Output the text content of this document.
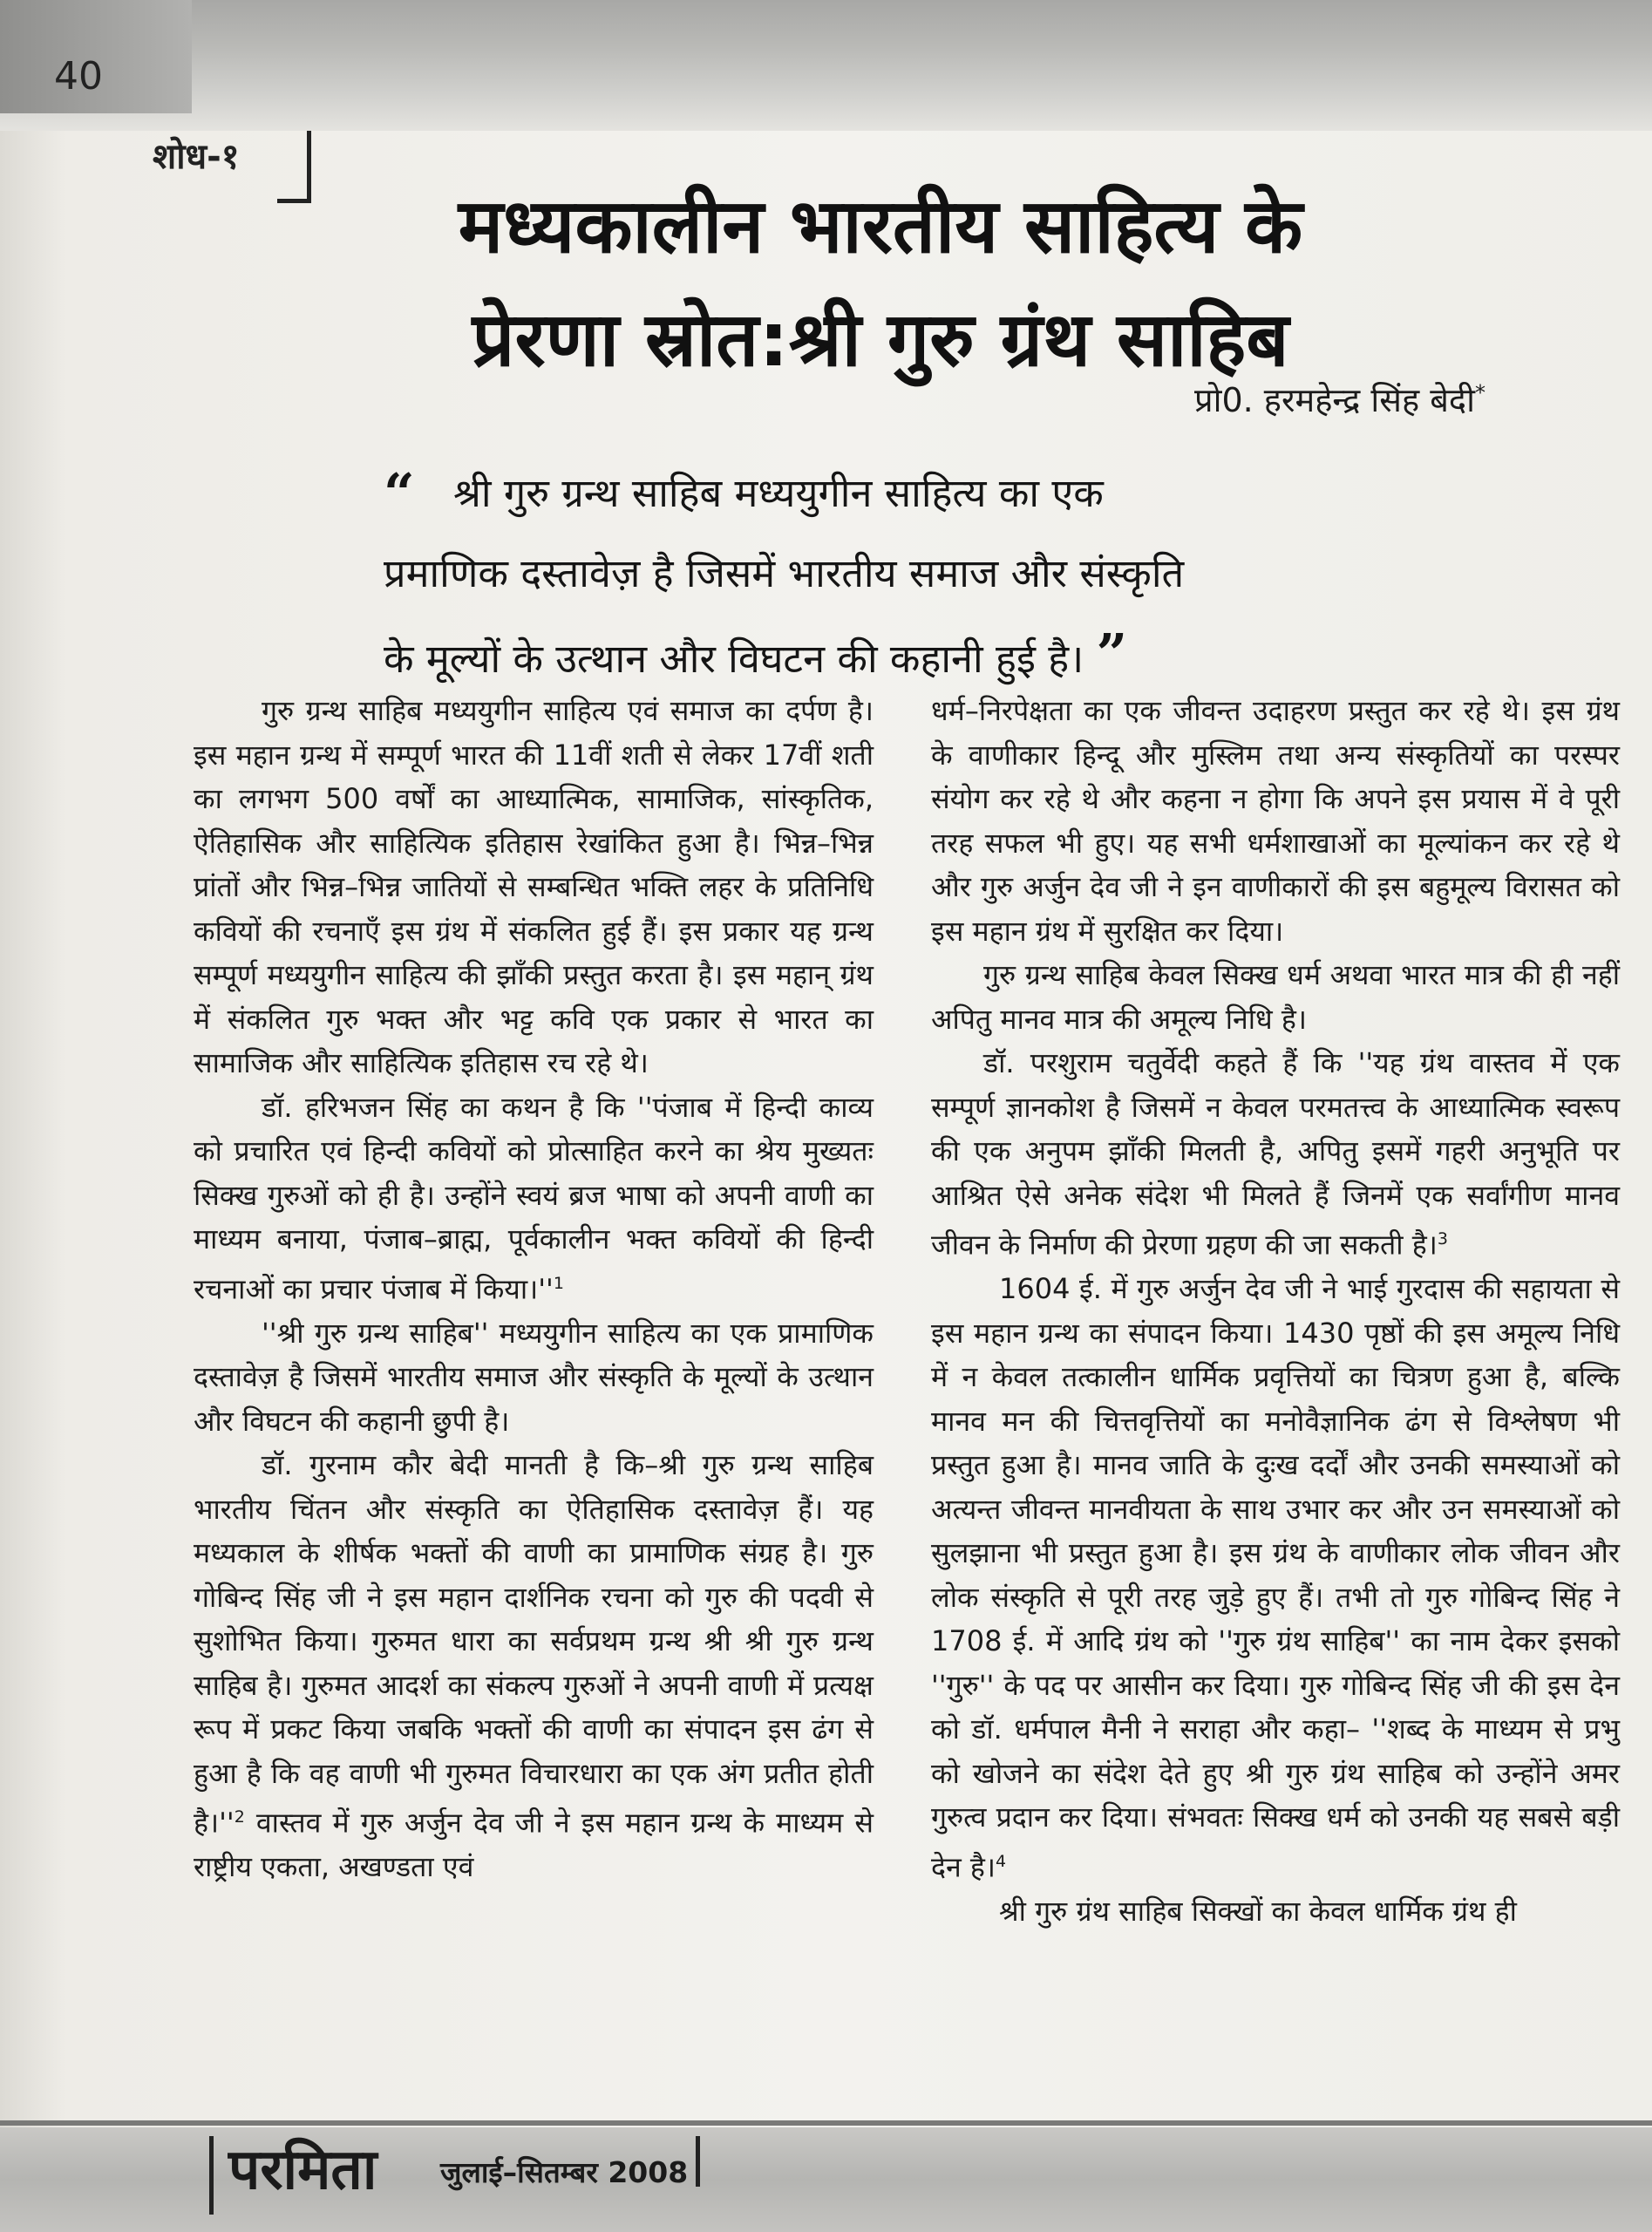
40
शोध-१
मध्यकालीन भारतीय साहित्य के
प्रेरणा स्रोत:श्री गुरु ग्रंथ साहिब
प्रो0. हरमहेन्द्र सिंह बेदी*
“ श्री गुरु ग्रन्थ साहिब मध्ययुगीन साहित्य का एक
प्रमाणिक दस्तावेज़ है जिसमें भारतीय समाज और संस्कृति
के मूल्यों के उत्थान और विघटन की कहानी हुई है। ”

गुरु ग्रन्थ साहिब मध्ययुगीन साहित्य एवं समाज का दर्पण है। इस महान ग्रन्थ में सम्पूर्ण भारत की 11वीं शती से लेकर 17वीं शती का लगभग 500 वर्षों का आध्यात्मिक, सामाजिक, सांस्कृतिक, ऐतिहासिक और साहित्यिक इतिहास रेखांकित हुआ है। भिन्न–भिन्न प्रांतों और भिन्न–भिन्न जातियों से सम्बन्धित भक्ति लहर के प्रतिनिधि कवियों की रचनाएँ इस ग्रंथ में संकलित हुई हैं। इस प्रकार यह ग्रन्थ सम्पूर्ण मध्ययुगीन साहित्य की झाँकी प्रस्तुत करता है। इस महान् ग्रंथ में संकलित गुरु भक्त और भट्ट कवि एक प्रकार से भारत का सामाजिक और साहित्यिक इतिहास रच रहे थे।

डॉ. हरिभजन सिंह का कथन है कि ''पंजाब में हिन्दी काव्य को प्रचारित एवं हिन्दी कवियों को प्रोत्साहित करने का श्रेय मुख्यतः सिक्ख गुरुओं को ही है। उन्होंने स्वयं ब्रज भाषा को अपनी वाणी का माध्यम बनाया, पंजाब–ब्राह्म, पूर्वकालीन भक्त कवियों की हिन्दी रचनाओं का प्रचार पंजाब में $किया।''^1$

''श्री गुरु ग्रन्थ साहिब'' मध्ययुगीन साहित्य का एक प्रामाणिक दस्तावेज़ है जिसमें भारतीय समाज और संस्कृति के मूल्यों के उत्थान और विघटन की कहानी छुपी है।

डॉ. गुरनाम कौर बेदी मानती है कि–श्री गुरु ग्रन्थ साहिब भारतीय चिंतन और संस्कृति का ऐतिहासिक दस्तावेज़ हैं। यह मध्यकाल के शीर्षक भक्तों की वाणी का प्रामाणिक संग्रह है। गुरु गोबिन्द सिंह जी ने इस महान दार्शनिक रचना को गुरु की पदवी से सुशोभित किया। गुरुमत धारा का सर्वप्रथम ग्रन्थ श्री श्री गुरु ग्रन्थ साहिब है। गुरुमत आदर्श का संकल्प गुरुओं ने अपनी वाणी में प्रत्यक्ष रूप में प्रकट किया जबकि भक्तों की वाणी का संपादन इस ढंग से हुआ है कि वह वाणी भी गुरुमत विचारधारा का एक अंग प्रतीत होती $है।''^2$ वास्तव में गुरु अर्जुन देव जी ने इस महान ग्रन्थ के माध्यम से राष्ट्रीय एकता, अखण्डता एवं

धर्म–निरपेक्षता का एक जीवन्त उदाहरण प्रस्तुत कर रहे थे। इस ग्रंथ के वाणीकार हिन्दू और मुस्लिम तथा अन्य संस्कृतियों का परस्पर संयोग कर रहे थे और कहना न होगा कि अपने इस प्रयास में वे पूरी तरह सफल भी हुए। यह सभी धर्मशाखाओं का मूल्यांकन कर रहे थे और गुरु अर्जुन देव जी ने इन वाणीकारों की इस बहुमूल्य विरासत को इस महान ग्रंथ में सुरक्षित कर दिया।

गुरु ग्रन्थ साहिब केवल सिक्ख धर्म अथवा भारत मात्र की ही नहीं अपितु मानव मात्र की अमूल्य निधि है।

डॉ. परशुराम चतुर्वेदी कहते हैं कि ''यह ग्रंथ वास्तव में एक सम्पूर्ण ज्ञानकोश है जिसमें न केवल परमतत्त्व के आध्यात्मिक स्वरूप की एक अनुपम झाँकी मिलती है, अपितु इसमें गहरी अनुभूति पर आश्रित ऐसे अनेक संदेश भी मिलते हैं जिनमें एक सर्वांगीण मानव जीवन के निर्माण की प्रेरणा ग्रहण की जा सकती है।$^3$

1604 ई. में गुरु अर्जुन देव जी ने भाई गुरदास की सहायता से इस महान ग्रन्थ का संपादन किया। 1430 पृष्ठों की इस अमूल्य निधि में न केवल तत्कालीन धार्मिक प्रवृत्तियों का चित्रण हुआ है, बल्कि मानव मन की चित्तवृत्तियों का मनोवैज्ञानिक ढंग से विश्लेषण भी प्रस्तुत हुआ है। मानव जाति के दुःख दर्दों और उनकी समस्याओं को अत्यन्त जीवन्त मानवीयता के साथ उभार कर और उन समस्याओं को सुलझाना भी प्रस्तुत हुआ है। इस ग्रंथ के वाणीकार लोक जीवन और लोक संस्कृति से पूरी तरह जुड़े हुए हैं। तभी तो गुरु गोबिन्द सिंह ने 1708 ई. में आदि ग्रंथ को ''गुरु ग्रंथ साहिब'' का नाम देकर इसको ''गुरु'' के पद पर आसीन कर दिया। गुरु गोबिन्द सिंह जी की इस देन को डॉ. धर्मपाल मैनी ने सराहा और कहा– ''शब्द के माध्यम से प्रभु को खोजने का संदेश देते हुए श्री गुरु ग्रंथ साहिब को उन्होंने अमर गुरुत्व प्रदान कर दिया। संभवतः सिक्ख धर्म को उनकी यह सबसे बड़ी देन है।$^4$

श्री गुरु ग्रंथ साहिब सिक्खों का केवल धार्मिक ग्रंथ ही

परमिता जुलाई–सितम्बर 2008
